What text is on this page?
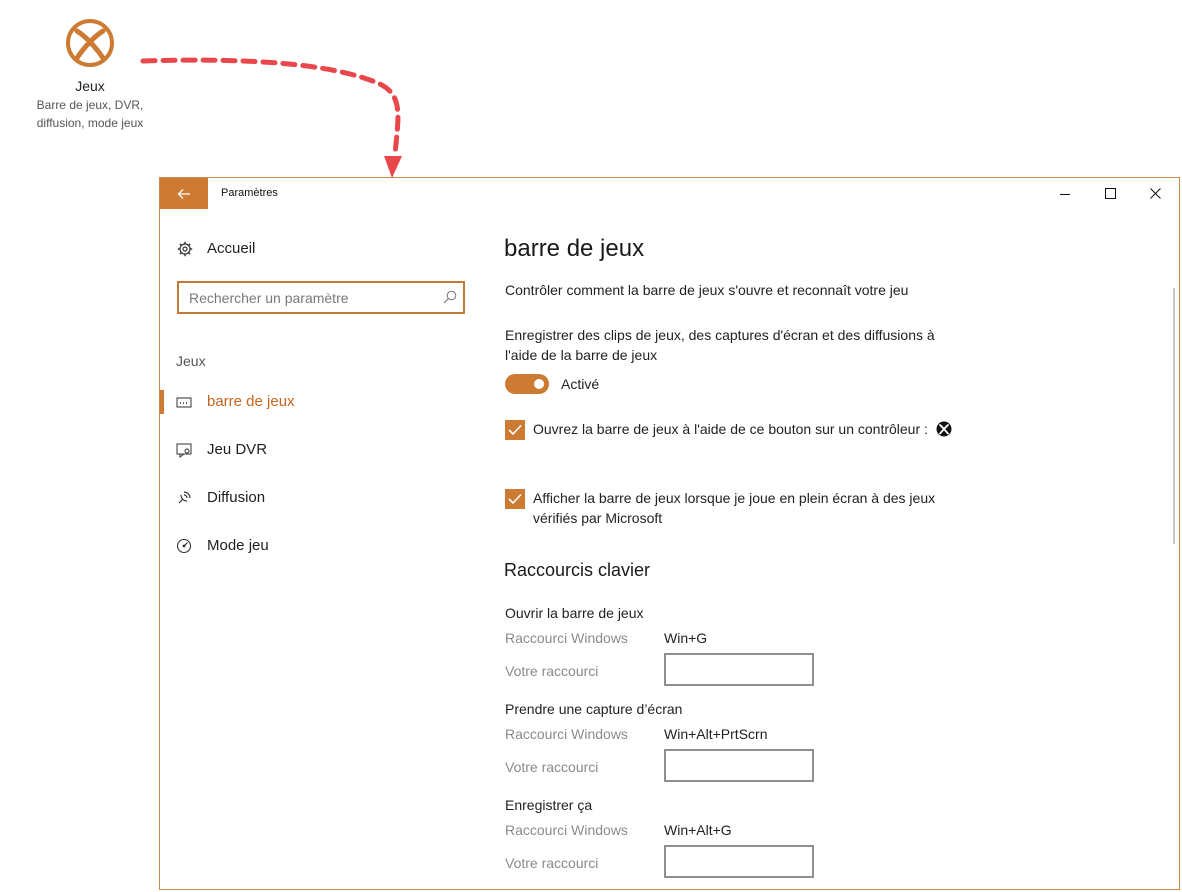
Jeux
Barre de jeux, DVR,
diffusion, mode jeux
Paramètres
Accueil
Rechercher un paramètre
Jeux
barre de jeux
Jeu DVR
Diffusion
Mode jeu
barre de jeux
Contrôler comment la barre de jeux s'ouvre et reconnaît votre jeu
Enregistrer des clips de jeux, des captures d'écran et des diffusions à l'aide de la barre de jeux
Activé
Ouvrez la barre de jeux à l'aide de ce bouton sur un contrôleur :
Afficher la barre de jeux lorsque je joue en plein écran à des jeux vérifiés par Microsoft
Raccourcis clavier
Ouvrir la barre de jeux
Raccourci Windows	Win+G
Votre raccourci
Prendre une capture d’écran
Raccourci Windows	Win+Alt+PrtScrn
Votre raccourci
Enregistrer ça
Raccourci Windows	Win+Alt+G
Votre raccourci
